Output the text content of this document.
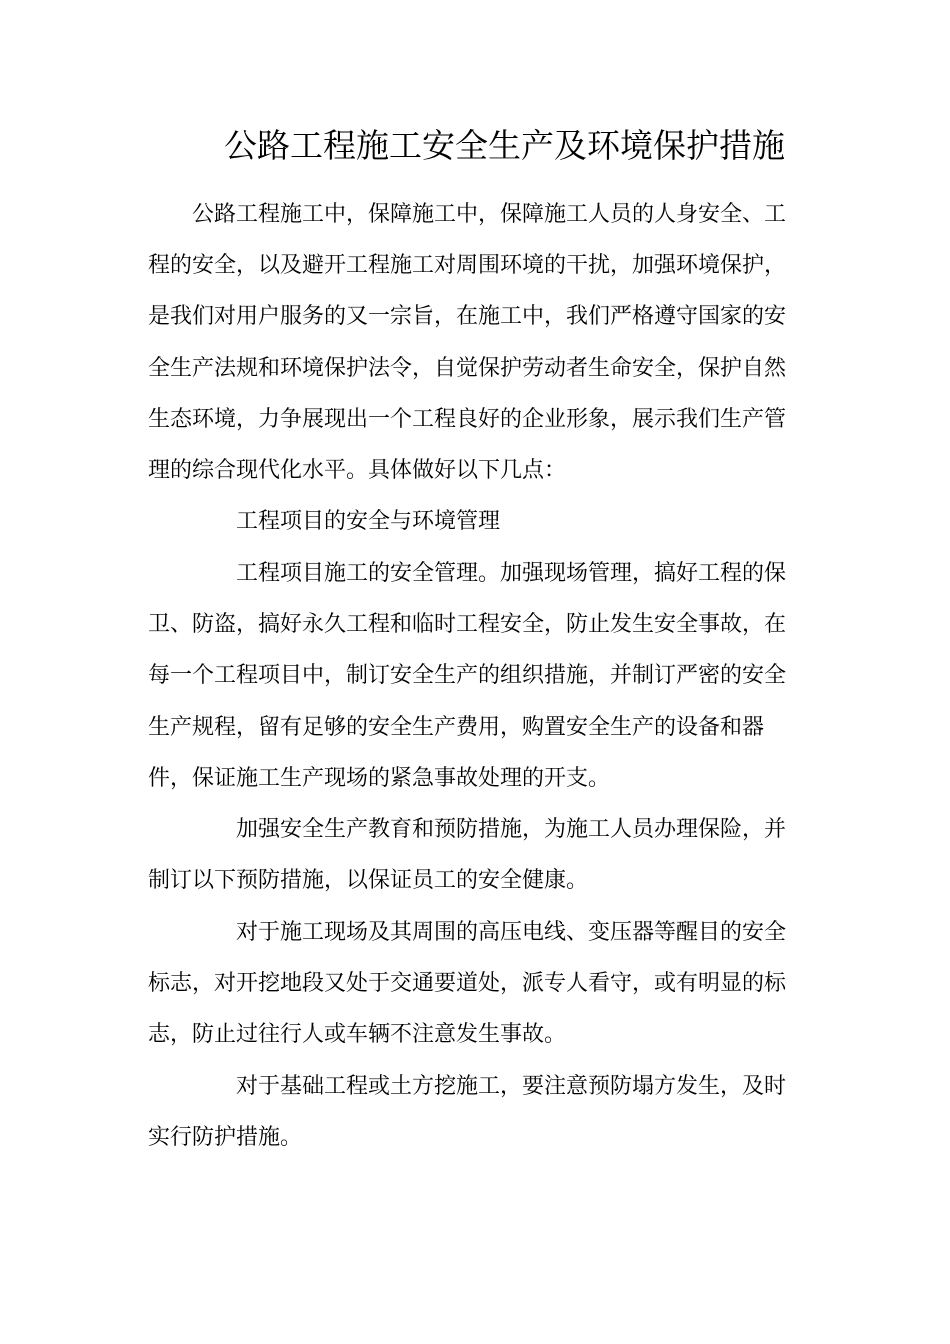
公路工程施工安全生产及环境保护措施
公路工程施工中，保障施工中，保障施工人员的人身安全、工
程的安全，以及避开工程施工对周围环境的干扰，加强环境保护，
是我们对用户服务的又一宗旨，在施工中，我们严格遵守国家的安
全生产法规和环境保护法令，自觉保护劳动者生命安全，保护自然
生态环境，力争展现出一个工程良好的企业形象，展示我们生产管
理的综合现代化水平。具体做好以下几点：
工程项目的安全与环境管理
工程项目施工的安全管理。加强现场管理，搞好工程的保
卫、防盗，搞好永久工程和临时工程安全，防止发生安全事故，在
每一个工程项目中，制订安全生产的组织措施，并制订严密的安全
生产规程，留有足够的安全生产费用，购置安全生产的设备和器
件，保证施工生产现场的紧急事故处理的开支。
加强安全生产教育和预防措施，为施工人员办理保险，并
制订以下预防措施，以保证员工的安全健康。
对于施工现场及其周围的高压电线、变压器等醒目的安全
标志，对开挖地段又处于交通要道处，派专人看守，或有明显的标
志，防止过往行人或车辆不注意发生事故。
对于基础工程或土方挖施工，要注意预防塌方发生，及时
实行防护措施。
